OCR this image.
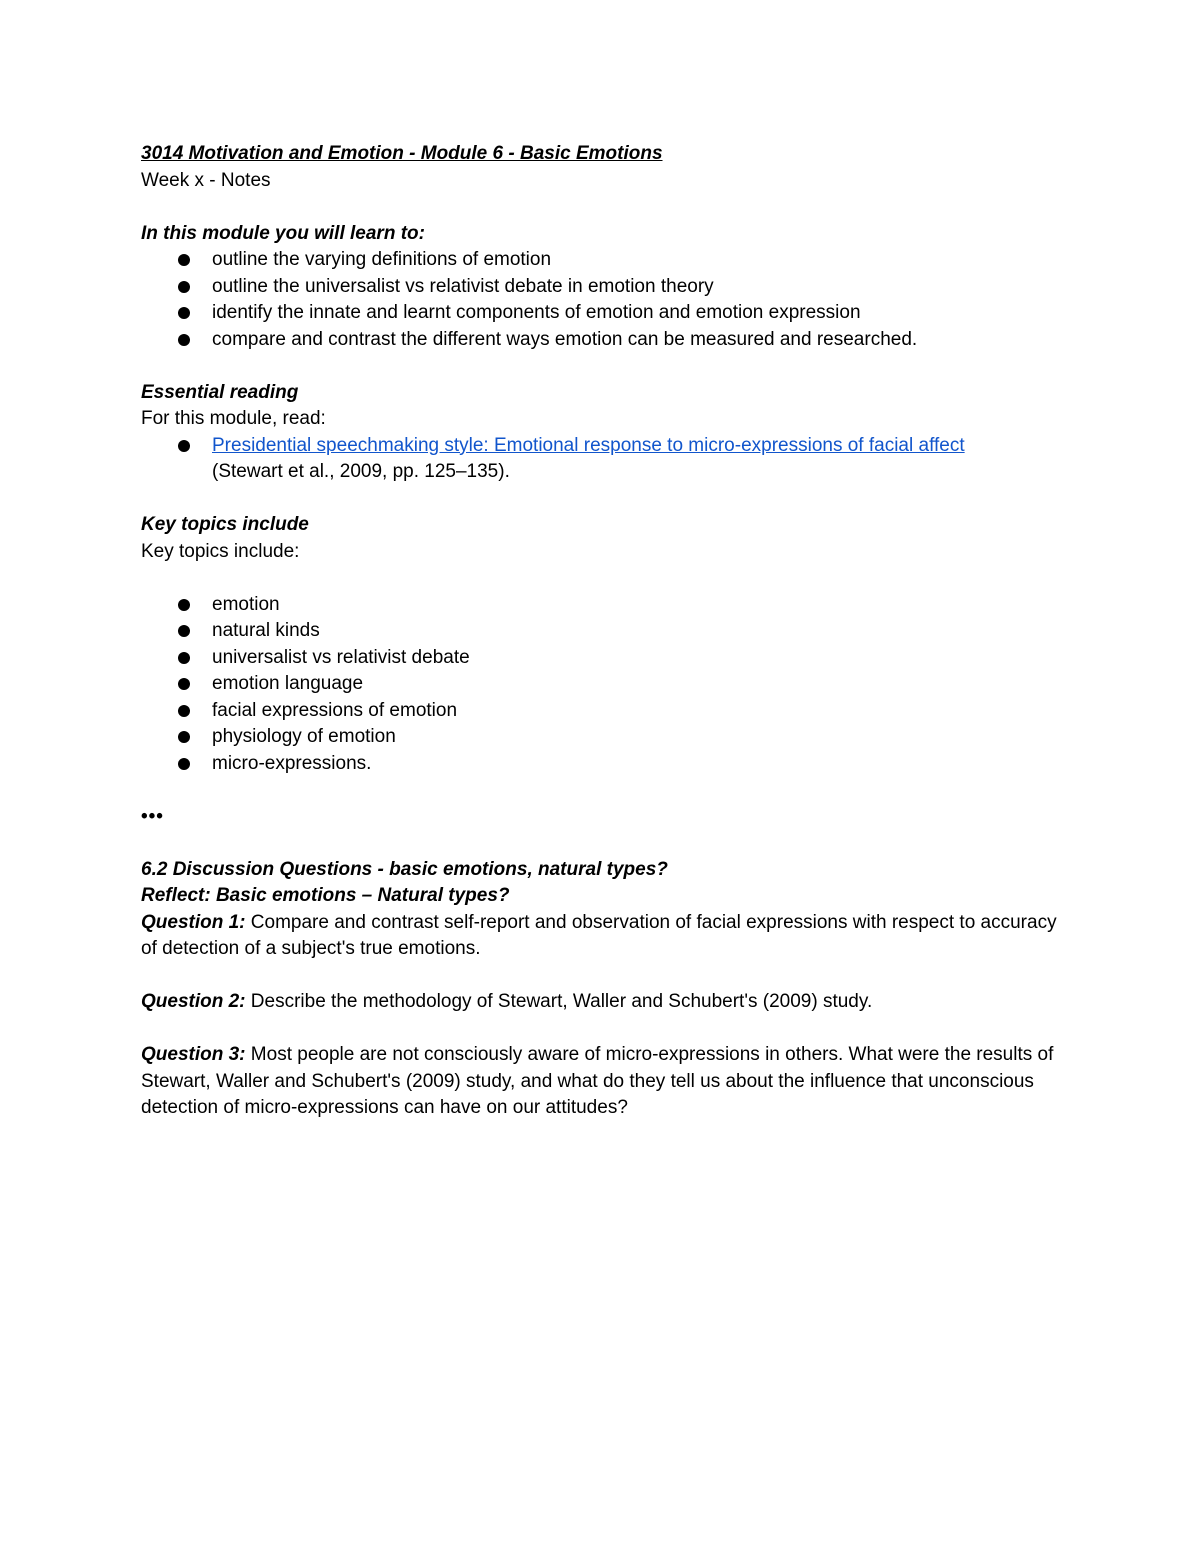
3014 Motivation and Emotion - Module 6 - Basic Emotions

Week x - Notes

In this module you will learn to:

outline the varying definitions of emotion
outline the universalist vs relativist debate in emotion theory
identify the innate and learnt components of emotion and emotion expression
compare and contrast the different ways emotion can be measured and researched.

Essential reading

For this module, read:

Presidential speechmaking style: Emotional response to micro-expressions of facial affect
(Stewart et al., 2009, pp. 125–135).

Key topics include

Key topics include:

emotion
natural kinds
universalist vs relativist debate
emotion language
facial expressions of emotion
physiology of emotion
micro-expressions.

•••

6.2 Discussion Questions - basic emotions, natural types?

Reflect: Basic emotions – Natural types?

Question 1: Compare and contrast self-report and observation of facial expressions with respect to accuracy of detection of a subject's true emotions.

Question 2: Describe the methodology of Stewart, Waller and Schubert's (2009) study.

Question 3: Most people are not consciously aware of micro-expressions in others. What were the results of Stewart, Waller and Schubert's (2009) study, and what do they tell us about the influence that unconscious detection of micro-expressions can have on our attitudes?
